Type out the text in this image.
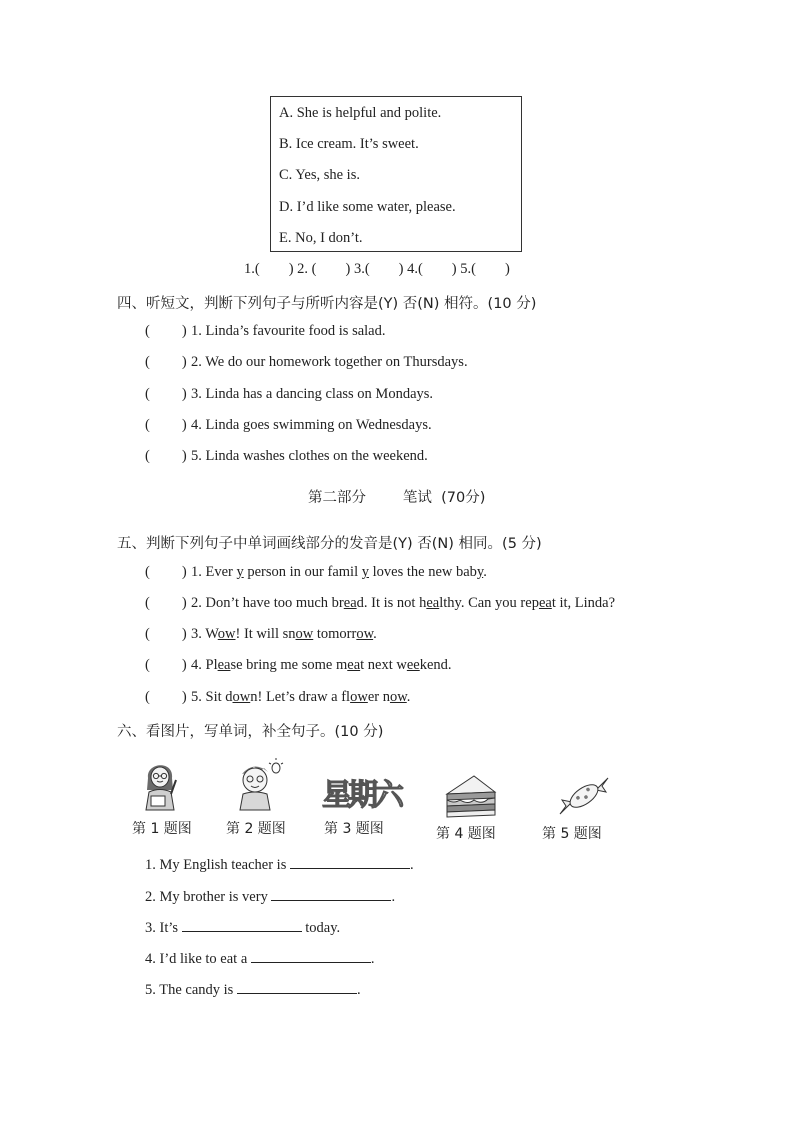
A. She is helpful and polite.
B. Ice cream. It’s sweet.
C. Yes, she is.
D. I’d like some water, please.
E. No, I don’t.
1.(        ) 2. (        ) 3.(        ) 4.(        ) 5.(        )
四、听短文，判断下列句子与所听内容是(Y) 否(N) 相符。(10 分)
( ) 1. Linda’s favourite food is salad.
( ) 2. We do our homework together on Thursdays.
( ) 3. Linda has a dancing class on Mondays.
( ) 4. Linda goes swimming on Wednesdays.
( ) 5. Linda washes clothes on the weekend.
第二部分        笔试  (70分)
五、判断下列句子中单词画线部分的发音是(Y) 否(N) 相同。(5 分)
( ) 1. Ever y person in our famil y loves the new baby.
( ) 2. Don’t have too much bread. It is not healthy. Can you repeat it, Linda?
( ) 3. Wow! It will snow tomorrow.
( ) 4. Please bring me some meat next weekend.
( ) 5. Sit down! Let’s draw a flower now.
六、看图片，写单词，补全句子。(10 分)
星期六
第 1 题图 第 2 题图	第 3 题图	第 4 题图	第 5 题图
1. My English teacher is	.
2. My brother is very	.
3. It’s	today.
4. I’d like to eat a	.
5. The candy is	.
